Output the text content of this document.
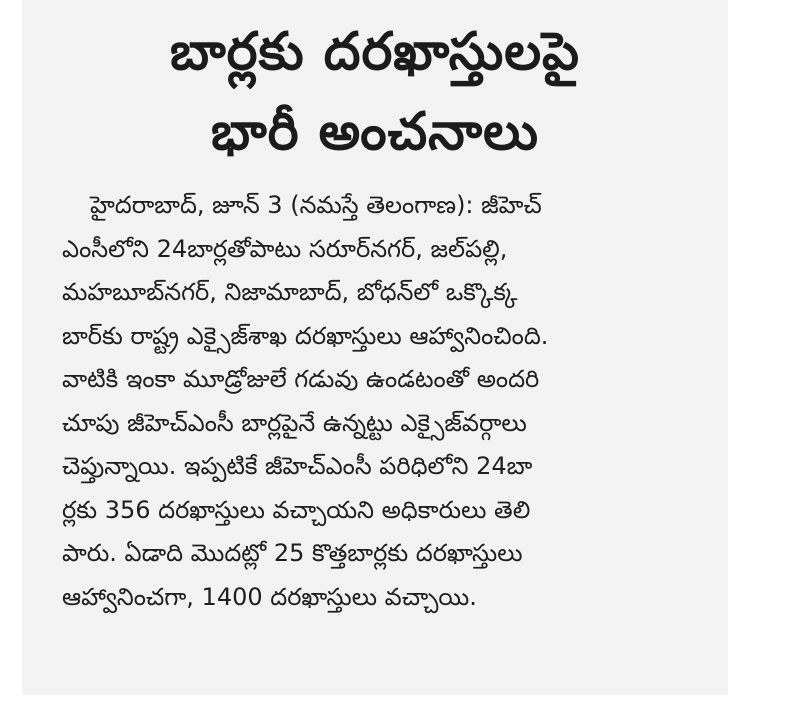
బార్లకు దరఖాస్తులపై
భారీ అంచనాలు
హైదరాబాద్, జూన్ 3 (నమస్తే తెలంగాణ): జీహెచ్
ఎంసీలోని 24బార్లతోపాటు సరూర్‌నగర్, జల్‌పల్లి,
మహబూబ్‌నగర్, నిజామాబాద్, బోధన్‌లో ఒక్కొక్క
బార్‌కు రాష్ట్ర ఎక్సైజ్‌శాఖ దరఖాస్తులు ఆహ్వానించింది.
వాటికి ఇంకా మూడ్రోజులే గడువు ఉండటంతో అందరి
చూపు జీహెచ్‌ఎంసీ బార్లపైనే ఉన్నట్టు ఎక్సైజ్‌వర్గాలు
చెప్తున్నాయి. ఇప్పటికే జీహెచ్‌ఎంసీ పరిధిలోని 24బా
ర్లకు 356 దరఖాస్తులు వచ్చాయని అధికారులు తెలి
పారు. ఏడాది మొదట్లో 25 కొత్తబార్లకు దరఖాస్తులు
ఆహ్వానించగా, 1400 దరఖాస్తులు వచ్చాయి.
